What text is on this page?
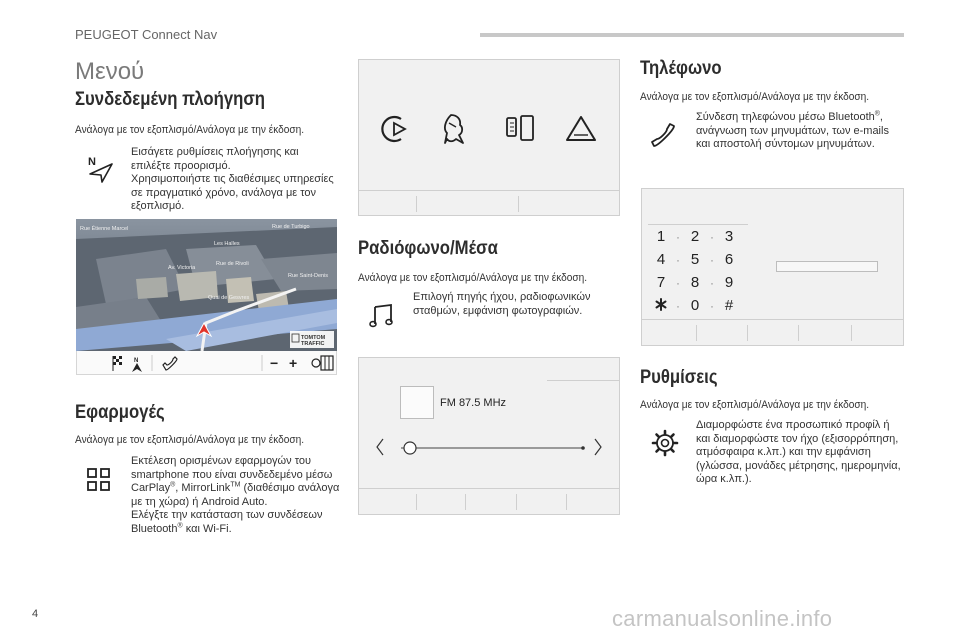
PEUGEOT Connect Nav
Μενού
Συνδεδεμένη πλοήγηση
Ανάλογα με τον εξοπλισμό/Ανάλογα με την έκδοση.
N

Εισάγετε ρυθμίσεις πλοήγησης και

επιλέξτε προορισμό.

Χρησιμοποιήστε τις διαθέσιμες υπηρεσίες

σε πραγματικό χρόνο, ανάλογα με τον

εξοπλισμό.

TOMTOM
TRAFFIC
Rue Étienne Marcel	Rue de Turbigo
Av. Victoria
Rue de Rivoli
Quai de Gesvres
Les Halles
Rue Saint-Denis
N	− +
Εφαρμογές
Ανάλογα με τον εξοπλισμό/Ανάλογα με την έκδοση.

Εκτέλεση ορισμένων εφαρμογών του

smartphone που είναι συνδεδεμένο μέσω

CarPlay®, MirrorLink™ (διαθέσιμο ανάλογα

με τη χώρα) ή Android Auto.

Ελέγξτε την κατάσταση των συνδέσεων

Bluetooth® και Wi-Fi.

Ραδιόφωνο/Μέσα
Ανάλογα με τον εξοπλισμό/Ανάλογα με την έκδοση.

Επιλογή πηγής ήχου, ραδιοφωνικών

σταθμών, εμφάνιση φωτογραφιών.

FM 87.5 MHz
Τηλέφωνο
Ανάλογα με τον εξοπλισμό/Ανάλογα με την έκδοση.

Σύνδεση τηλεφώνου μέσω Bluetooth®,

ανάγνωση των μηνυμάτων, των e-mails

και αποστολή σύντομων μηνυμάτων.

1 · 2 · 3
4 · 5 · 6
7 · 8 · 9
· 0 · #
Ρυθμίσεις
Ανάλογα με τον εξοπλισμό/Ανάλογα με την έκδοση.

Διαμορφώστε ένα προσωπικό προφίλ ή

και διαμορφώστε τον ήχο (εξισορρόπηση,

ατμόσφαιρα κ.λπ.) και την εμφάνιση

(γλώσσα, μονάδες μέτρησης, ημερομηνία,

ώρα κ.λπ.).

4	carmanualsonline.info
